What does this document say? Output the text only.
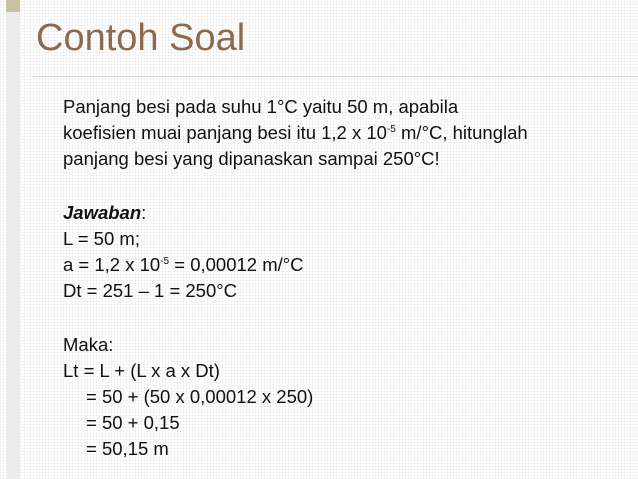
Contoh Soal
Panjang besi pada suhu 1°C yaitu 50 m, apabila
koefisien muai panjang besi itu 1,2 x $10^{-5}$ m/°C, hitunglah
panjang besi yang dipanaskan sampai 250°C!
Jawaban:
L = 50 m;
a = 1,2 x $10^{-5} = 0,00012$ m/°C
Dt = 251 – 1 = 250°C
Maka:
Lt = L + (L x a x Dt)
= 50 + (50 x 0,00012 x 250)
= 50 + 0,15
= 50,15 m
